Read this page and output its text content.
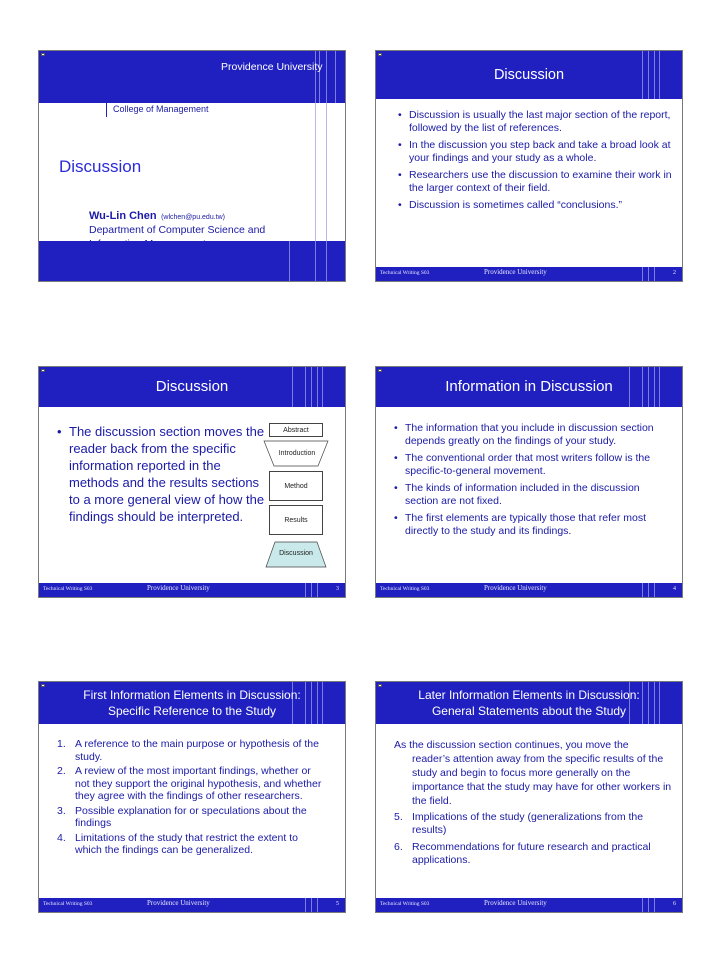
Providence University
College of Management
Discussion
Wu-Lin Chen (wlchen@pu.edu.tw)
Department of Computer Science and
Discussion
• Discussion is usually the last major section of the report, followed by the list of references.
• In the discussion you step back and take a broad look at your findings and your study as a whole.
• Researchers use the discussion to examine their work in the larger context of their field.
• Discussion is sometimes called “conclusions.”
Technical Writing S03	Providence University	2
Discussion
• The discussion section moves the reader back from the specific information reported in the methods and the results sections to a more general view of how the findings should be interpreted.
Abstract
Introduction
Method
Results
Discussion
Technical Writing S03	Providence University	3
Information in Discussion
• The information that you include in discussion section depends greatly on the findings of your study.
• The conventional order that most writers follow is the specific-to-general movement.
• The kinds of information included in the discussion section are not fixed.
• The first elements are typically those that refer most directly to the study and its findings.
Technical Writing S03	Providence University	4
First Information Elements in Discussion:
Specific Reference to the Study
1. A reference to the main purpose or hypothesis of the study.
2. A review of the most important findings, whether or not they support the original hypothesis, and whether they agree with the findings of other researchers.
3. Possible explanation for or speculations about the findings
4. Limitations of the study that restrict the extent to which the findings can be generalized.
Technical Writing S03	Providence University	5
Later Information Elements in Discussion:
General Statements about the Study
As the discussion section continues, you move the
reader’s attention away from the specific results of the study and begin to focus more generally on the importance that the study may have for other workers in the field.
5. Implications of the study (generalizations from the results)
6. Recommendations for future research and practical applications.
Technical Writing S03	Providence University	6
